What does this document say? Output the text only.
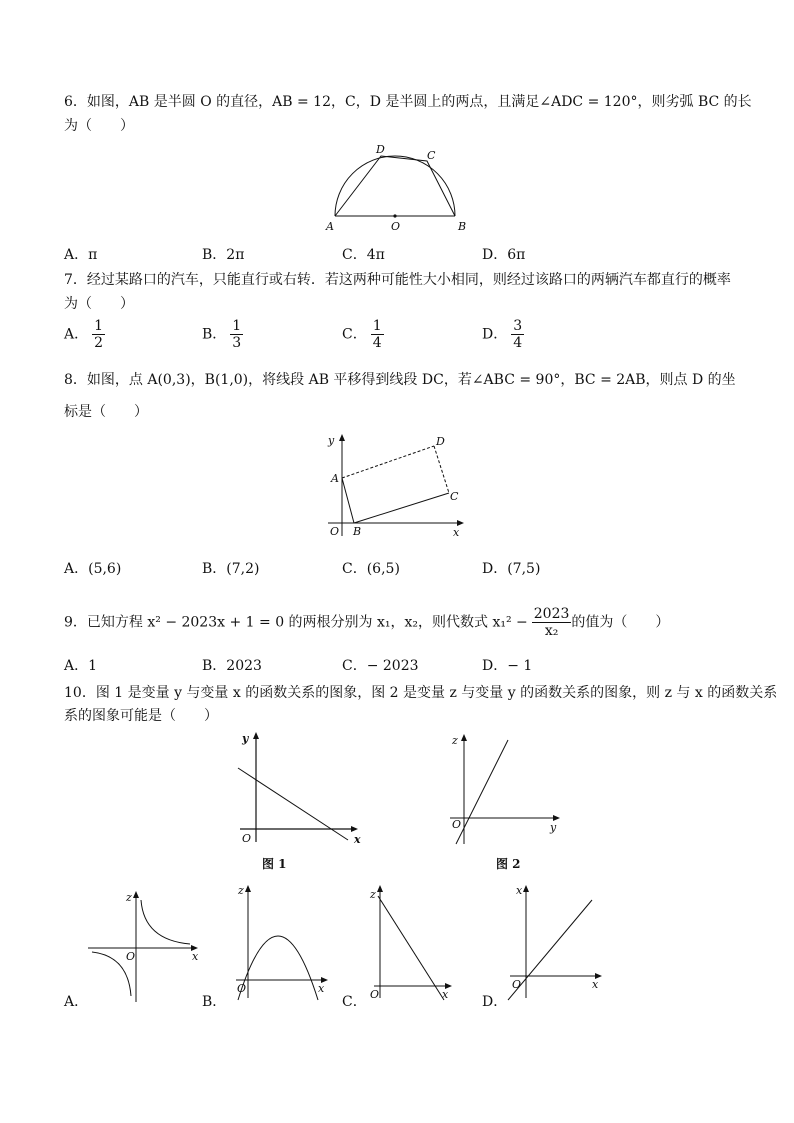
6．如图，AB 是半圆 O 的直径，AB = 12，C，D 是半圆上的两点，且满足∠ADC = 120°，则劣弧 BC 的长
为（　　）
A	O	B
D	C
A．π	B．2π	C．4π	D．6π
7．经过某路口的汽车，只能直行或右转．若这两种可能性大小相同，则经过该路口的两辆汽车都直行的概率
为（　　）
A． $\frac{1}{2}$	B． $\frac{1}{3}$	C． $\frac{1}{4}$	D． $\frac{3}{4}$
8．如图，点 A(0,3)，B(1,0)，将线段 AB 平移得到线段 DC，若∠ABC = 90°，BC = 2AB，则点 D 的坐
标是（　　）
y
x
O
A
B
C
D
A．(5,6)	B．(7,2)	C．(6,5)	D．(7,5)
9．已知方程 x² − 2023x + 1 = 0 的两根分别为 x₁，x₂，则代数式 $x_1^2 - \frac{2023}{\text{x₂}}$ 的值为（　　）
A．1	B．2023	C．− 2023	D．− 1
10．图 1 是变量 y 与变量 x 的函数关系的图象，图 2 是变量 z 与变量 y 的函数关系的图象，则 z 与 x 的函数关系
系的图象可能是（　　）
y
x
O
图 1
z
y
O
图 2
z
x
O
A．
z
x
O
B．
z
x
O
C．
x
x
O
D．
